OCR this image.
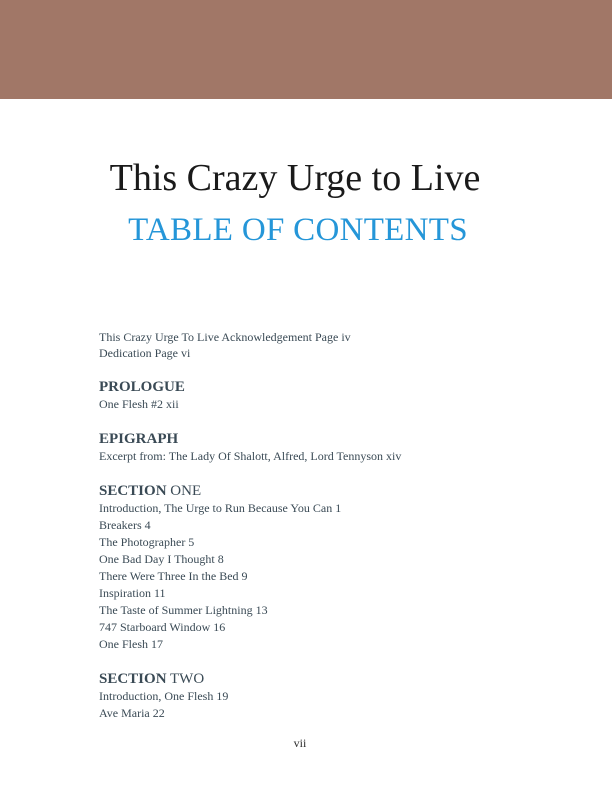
This Crazy Urge to Live
TABLE OF CONTENTS
This Crazy Urge To Live Acknowledgement Page iv
Dedication Page vi
PROLOGUE
One Flesh #2 xii
EPIGRAPH
Excerpt from: The Lady Of Shalott, Alfred, Lord Tennyson xiv
SECTION ONE
Introduction, The Urge to Run Because You Can 1
Breakers 4
The Photographer 5
One Bad Day I Thought 8
There Were Three In the Bed 9
Inspiration 11
The Taste of Summer Lightning 13
747 Starboard Window 16
One Flesh 17
SECTION TWO
Introduction, One Flesh 19
Ave Maria 22
vii
